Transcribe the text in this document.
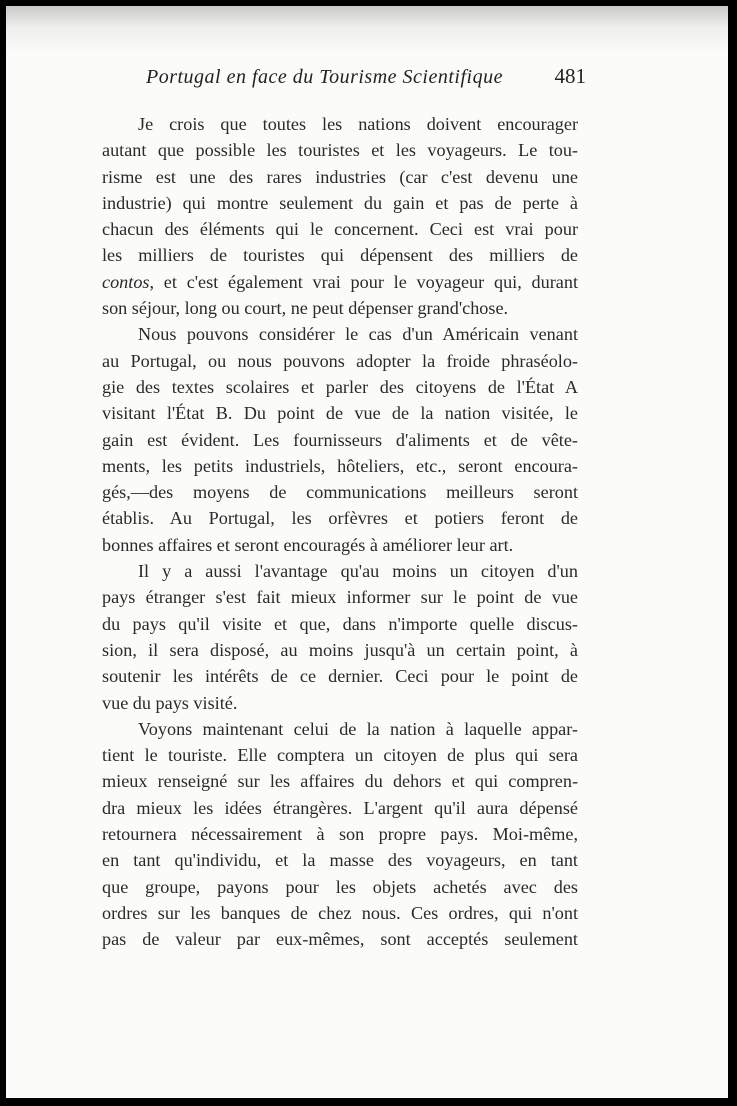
Portugal en face du Tourisme Scientifique 481
Je crois que toutes les nations doivent encourager
autant que possible les touristes et les voyageurs. Le tou-
risme est une des rares industries (car c'est devenu une
industrie) qui montre seulement du gain et pas de perte à
chacun des éléments qui le concernent. Ceci est vrai pour
les milliers de touristes qui dépensent des milliers de
contos, et c'est également vrai pour le voyageur qui, durant
son séjour, long ou court, ne peut dépenser grand'chose.
Nous pouvons considérer le cas d'un Américain venant
au Portugal, ou nous pouvons adopter la froide phraséolo-
gie des textes scolaires et parler des citoyens de l'État A
visitant l'État B. Du point de vue de la nation visitée, le
gain est évident. Les fournisseurs d'aliments et de vête-
ments, les petits industriels, hôteliers, etc., seront encoura-
gés,—des moyens de communications meilleurs seront
établis. Au Portugal, les orfèvres et potiers feront de
bonnes affaires et seront encouragés à améliorer leur art.
Il y a aussi l'avantage qu'au moins un citoyen d'un
pays étranger s'est fait mieux informer sur le point de vue
du pays qu'il visite et que, dans n'importe quelle discus-
sion, il sera disposé, au moins jusqu'à un certain point, à
soutenir les intérêts de ce dernier. Ceci pour le point de
vue du pays visité.
Voyons maintenant celui de la nation à laquelle appar-
tient le touriste. Elle comptera un citoyen de plus qui sera
mieux renseigné sur les affaires du dehors et qui compren-
dra mieux les idées étrangères. L'argent qu'il aura dépensé
retournera nécessairement à son propre pays. Moi-même,
en tant qu'individu, et la masse des voyageurs, en tant
que groupe, payons pour les objets achetés avec des
ordres sur les banques de chez nous. Ces ordres, qui n'ont
pas de valeur par eux-mêmes, sont acceptés seulement
